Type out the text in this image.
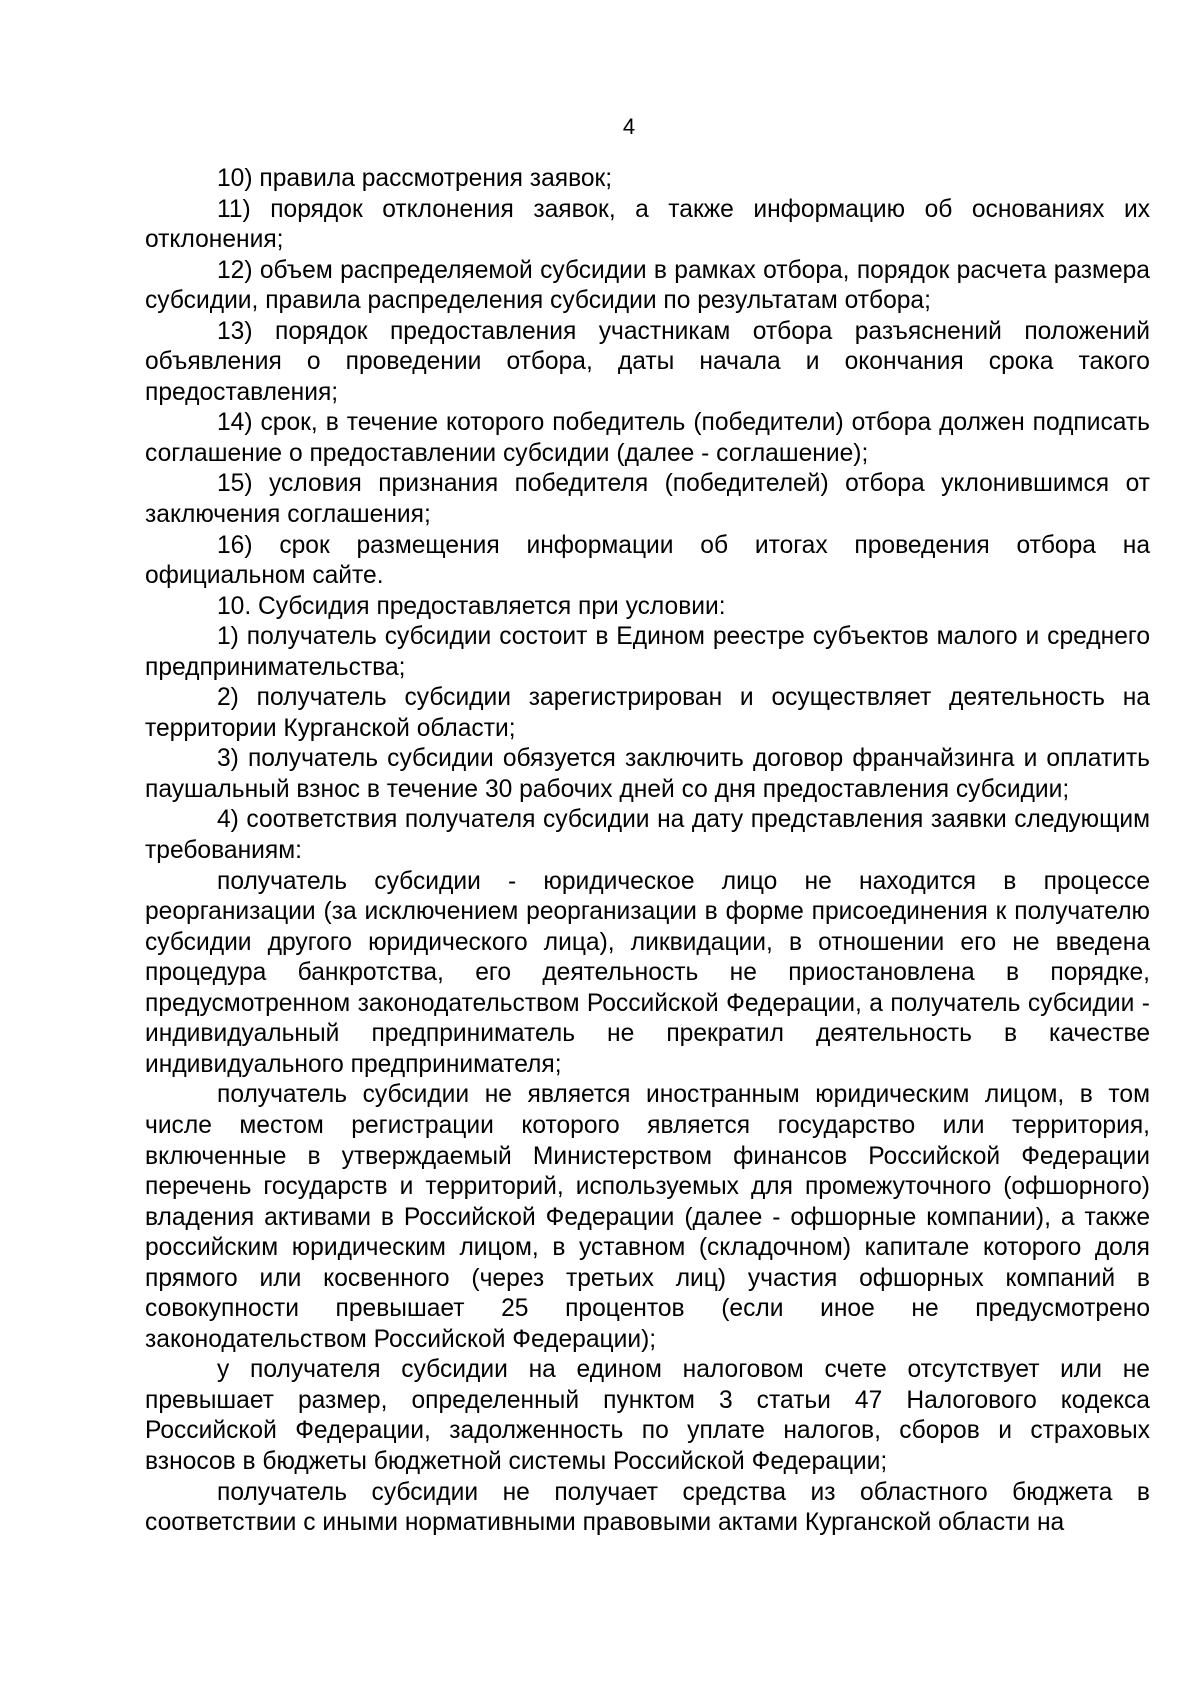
4

10) правила рассмотрения заявок;

11) порядок отклонения заявок, а также информацию об основаниях их отклонения;

12) объем распределяемой субсидии в рамках отбора, порядок расчета размера субсидии, правила распределения субсидии по результатам отбора;

13) порядок предоставления участникам отбора разъяснений положений объявления о проведении отбора, даты начала и окончания срока такого предоставления;

14) срок, в течение которого победитель (победители) отбора должен подписать соглашение о предоставлении субсидии (далее - соглашение);

15) условия признания победителя (победителей) отбора уклонившимся от заключения соглашения;

16) срок размещения информации об итогах проведения отбора на официальном сайте.

10. Субсидия предоставляется при условии:

1) получатель субсидии состоит в Едином реестре субъектов малого и среднего предпринимательства;

2) получатель субсидии зарегистрирован и осуществляет деятельность на территории Курганской области;

3) получатель субсидии обязуется заключить договор франчайзинга и оплатить паушальный взнос в течение 30 рабочих дней со дня предоставления субсидии;

4) соответствия получателя субсидии на дату представления заявки следующим требованиям:

получатель субсидии - юридическое лицо не находится в процессе реорганизации (за исключением реорганизации в форме присоединения к получателю субсидии другого юридического лица), ликвидации, в отношении его не введена процедура банкротства, его деятельность не приостановлена в порядке, предусмотренном законодательством Российской Федерации, а получатель субсидии - индивидуальный предприниматель не прекратил деятельность в качестве индивидуального предпринимателя;

получатель субсидии не является иностранным юридическим лицом, в том числе местом регистрации которого является государство или территория, включенные в утверждаемый Министерством финансов Российской Федерации перечень государств и территорий, используемых для промежуточного (офшорного) владения активами в Российской Федерации (далее - офшорные компании), а также российским юридическим лицом, в уставном (складочном) капитале которого доля прямого или косвенного (через третьих лиц) участия офшорных компаний в совокупности превышает 25 процентов (если иное не предусмотрено законодательством Российской Федерации);

у получателя субсидии на едином налоговом счете отсутствует или не превышает размер, определенный пунктом 3 статьи 47 Налогового кодекса Российской Федерации, задолженность по уплате налогов, сборов и страховых взносов в бюджеты бюджетной системы Российской Федерации;

получатель субсидии не получает средства из областного бюджета в соответствии с иными нормативными правовыми актами Курганской области на
